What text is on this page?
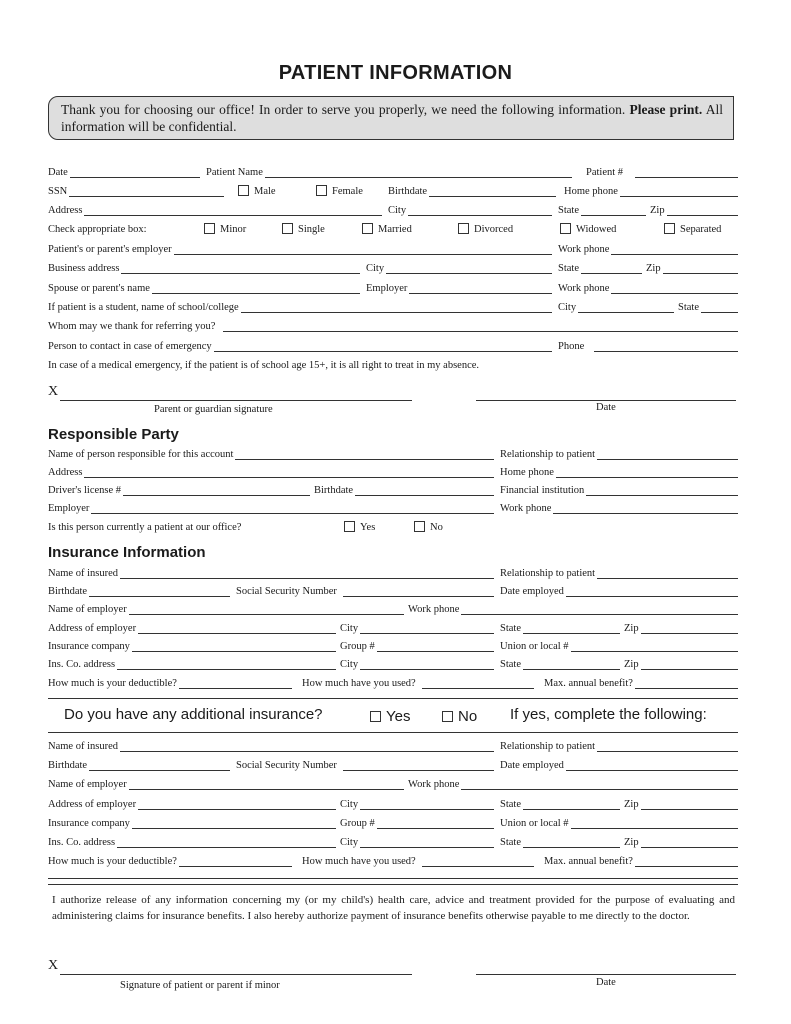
PATIENT INFORMATION
Thank you for choosing our office! In order to serve you properly, we need the following information. Please print. All information will be confidential.
Date	Patient Name	Patient #
SSN	Male	Female Birthdate	Home phone
Address	City	State	Zip
Check appropriate box:	Minor	Single	Married	Divorced	Widowed	Separated
Patient's or parent's employer	Work phone
Business address	City	State	Zip
Spouse or parent's name	Employer	Work phone
If patient is a student, name of school/college	City	State
Whom may we thank for referring you?
Person to contact in case of emergency	Phone
In case of a medical emergency, if the patient is of school age 15+, it is all right to treat in my absence.
X
Parent or guardian signature	Date
Responsible Party
Name of person responsible for this account	Relationship to patient
Address	Home phone
Driver's license #	Birthdate	Financial institution
Employer	Work phone
Is this person currently a patient at our office?	Yes	No
Insurance Information
Name of insured	Relationship to patient
Birthdate	Social Security Number	Date employed
Name of employer	Work phone
Address of employer	City	State	Zip
Insurance company	Group #	Union or local #
Ins. Co. address	City	State	Zip
How much is your deductible?	How much have you used?	Max. annual benefit?
Do you have any additional insurance?	Yes	No If yes, complete the following:
Name of insured	Relationship to patient
Birthdate	Social Security Number	Date employed
Name of employer	Work phone
Address of employer	City	State	Zip
Insurance company	Group #	Union or local #
Ins. Co. address	City	State	Zip
How much is your deductible?	How much have you used?	Max. annual benefit?
I authorize release of any information concerning my (or my child's) health care, advice and treatment provided for the purpose of evaluating and administering claims for insurance benefits. I also hereby authorize payment of insurance benefits otherwise payable to me directly to the doctor.
X
Signature of patient or parent if minor	Date
